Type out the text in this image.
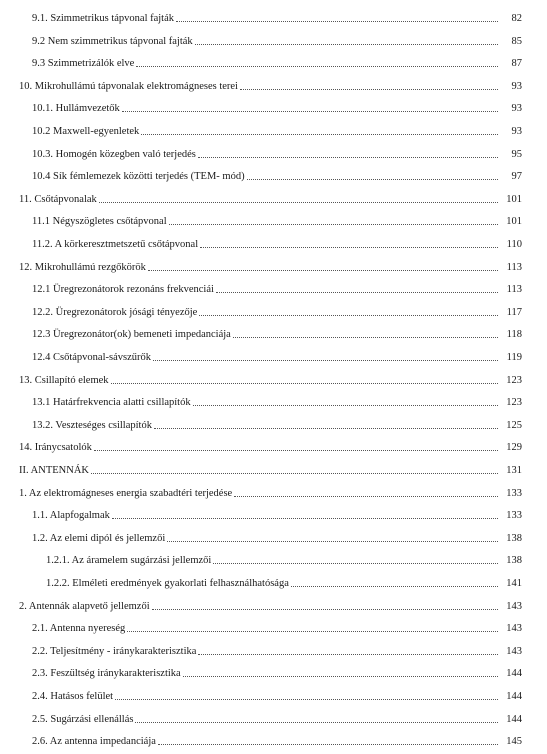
9.1. Szimmetrikus tápvonal fajták	82
9.2 Nem szimmetrikus tápvonal fajták	85
9.3 Szimmetrizálók elve	87
10. Mikrohullámú tápvonalak elektromágneses terei	93
10.1. Hullámvezetők	93
10.2 Maxwell-egyenletek	93
10.3. Homogén közegben való terjedés	95
10.4 Sík fémlemezek közötti terjedés (TEM- mód)	97
11. Csőtápvonalak	101
11.1 Négyszögletes csőtápvonal	101
11.2. A körkeresztmetszetű csőtápvonal	110
12. Mikrohullámú rezgőkörök	113
12.1 Üregrezonátorok rezonáns frekvenciái	113
12.2. Üregrezonátorok jósági tényezője	117
12.3 Üregrezonátor(ok) bemeneti impedanciája	118
12.4 Csőtápvonal-sávszűrők	119
13. Csillapító elemek	123
13.1 Határfrekvencia alatti csillapítók	123
13.2. Veszteséges csillapítók	125
14. Iránycsatolók	129
II. ANTENNÁK	131
1. Az elektromágneses energia szabadtéri terjedése	133
1.1. Alapfogalmak	133
1.2. Az elemi dipól és jellemzői	138
1.2.1. Az áramelem sugárzási jellemzői	138
1.2.2. Elméleti eredmények gyakorlati felhasználhatósága	141
2. Antennák alapvető jellemzői	143
2.1. Antenna nyereség	143
2.2. Teljesítmény - iránykarakterisztika	143
2.3. Feszültség iránykarakterisztika	144
2.4. Hatásos felület	144
2.5. Sugárzási ellenállás	144
2.6. Az antenna impedanciája	145
